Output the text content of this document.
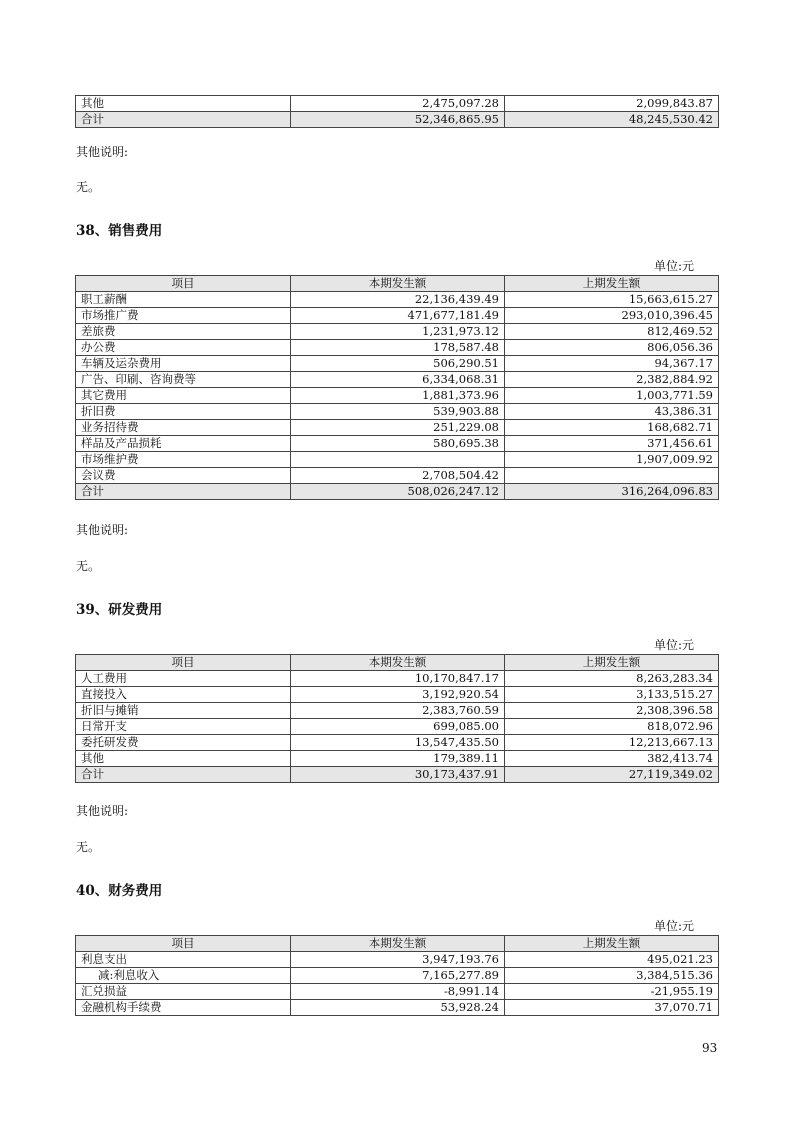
其他	2,475,097.28	2,099,843.87
合计	52,346,865.95	48,245,530.42
其他说明:
无。
38、销售费用
单位:元
项目	本期发生额	上期发生额
职工薪酬	22,136,439.49	15,663,615.27
市场推广费	471,677,181.49	293,010,396.45
差旅费	1,231,973.12	812,469.52
办公费	178,587.48	806,056.36
车辆及运杂费用	506,290.51	94,367.17
广告、印刷、咨询费等	6,334,068.31	2,382,884.92
其它费用	1,881,373.96	1,003,771.59
折旧费	539,903.88	43,386.31
业务招待费	251,229.08	168,682.71
样品及产品损耗	580,695.38	371,456.61
市场维护费		1,907,009.92
会议费	2,708,504.42	
合计	508,026,247.12	316,264,096.83
其他说明:
无。
39、研发费用
单位:元
项目	本期发生额	上期发生额
人工费用	10,170,847.17	8,263,283.34
直接投入	3,192,920.54	3,133,515.27
折旧与摊销	2,383,760.59	2,308,396.58
日常开支	699,085.00	818,072.96
委托研发费	13,547,435.50	12,213,667.13
其他	179,389.11	382,413.74
合计	30,173,437.91	27,119,349.02
其他说明:
无。
40、财务费用
单位:元
项目	本期发生额	上期发生额
利息支出	3,947,193.76	495,021.23
减:利息收入	7,165,277.89	3,384,515.36
汇兑损益	-8,991.14	-21,955.19
金融机构手续费	53,928.24	37,070.71
93
